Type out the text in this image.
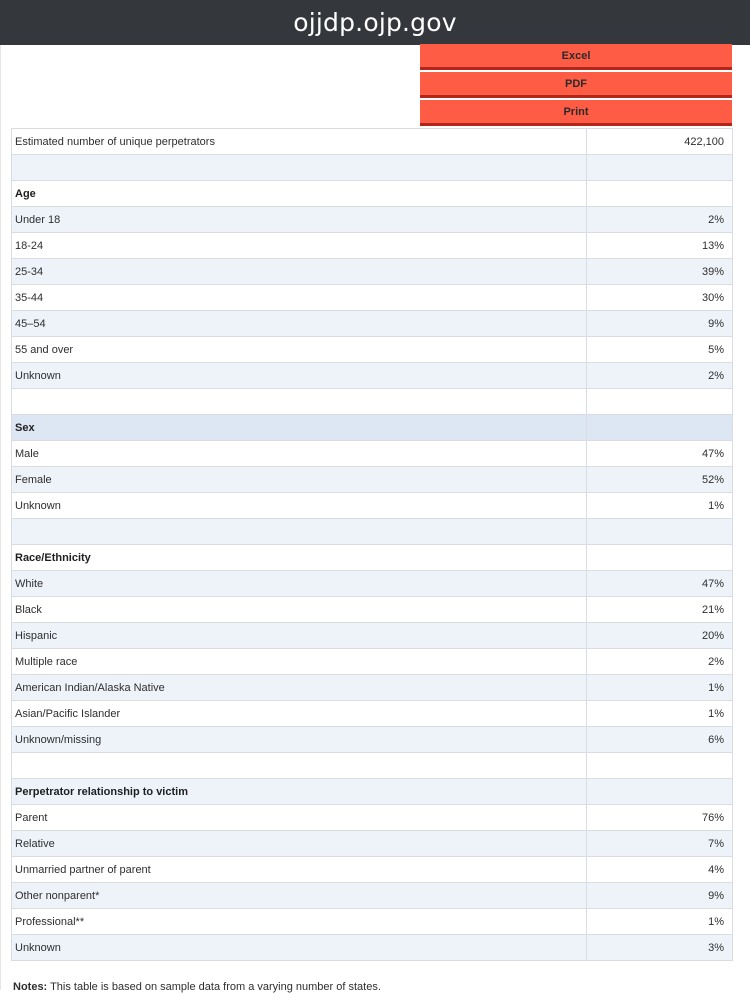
ojjdp.ojp.gov
Excel
PDF
Print
Estimated number of unique perpetrators	422,100

Age	
Under 18	2%
18-24	13%
25-34	39%
35-44	30%
45–54	9%
55 and over	5%
Unknown	2%

Sex	
Male	47%
Female	52%
Unknown	1%

Race/Ethnicity	
White	47%
Black	21%
Hispanic	20%
Multiple race	2%
American Indian/Alaska Native	1%
Asian/Pacific Islander	1%
Unknown/missing	6%

Perpetrator relationship to victim	
Parent	76%
Relative	7%
Unmarried partner of parent	4%
Other nonparent*	9%
Professional**	1%
Unknown	3%
Notes: This table is based on sample data from a varying number of states.
